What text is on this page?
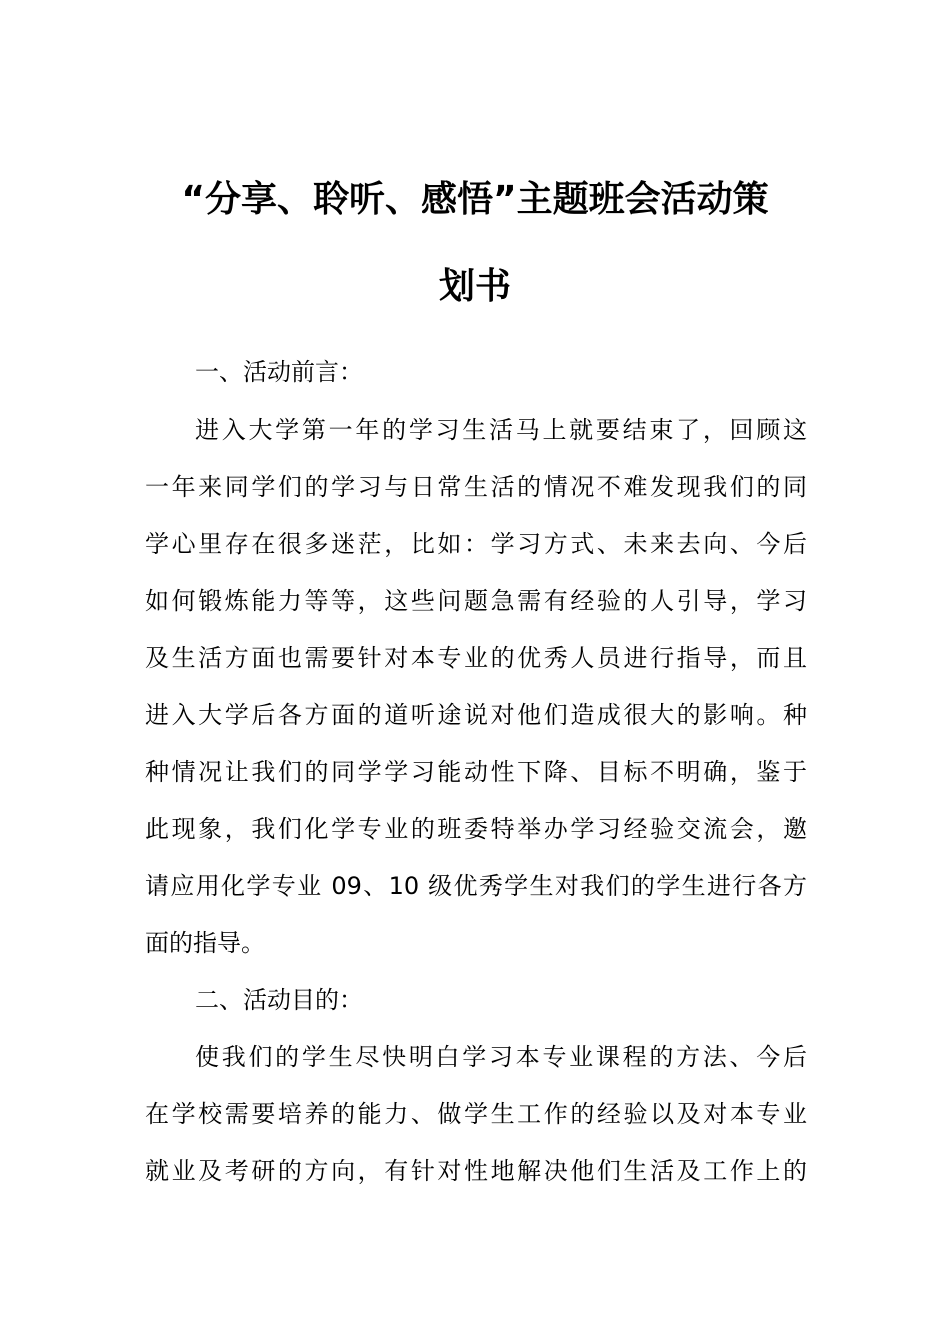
“分享、聆听、感悟”主题班会活动策
划书
一、活动前言：
进入大学第一年的学习生活马上就要结束了，回顾这
一年来同学们的学习与日常生活的情况不难发现我们的同
学心里存在很多迷茫，比如：学习方式、未来去向、今后
如何锻炼能力等等，这些问题急需有经验的人引导，学习
及生活方面也需要针对本专业的优秀人员进行指导，而且
进入大学后各方面的道听途说对他们造成很大的影响。种
种情况让我们的同学学习能动性下降、目标不明确，鉴于
此现象，我们化学专业的班委特举办学习经验交流会，邀
请应用化学专业 09、10 级优秀学生对我们的学生进行各方
面的指导。
二、活动目的：
使我们的学生尽快明白学习本专业课程的方法、今后
在学校需要培养的能力、做学生工作的经验以及对本专业
就业及考研的方向，有针对性地解决他们生活及工作上的
